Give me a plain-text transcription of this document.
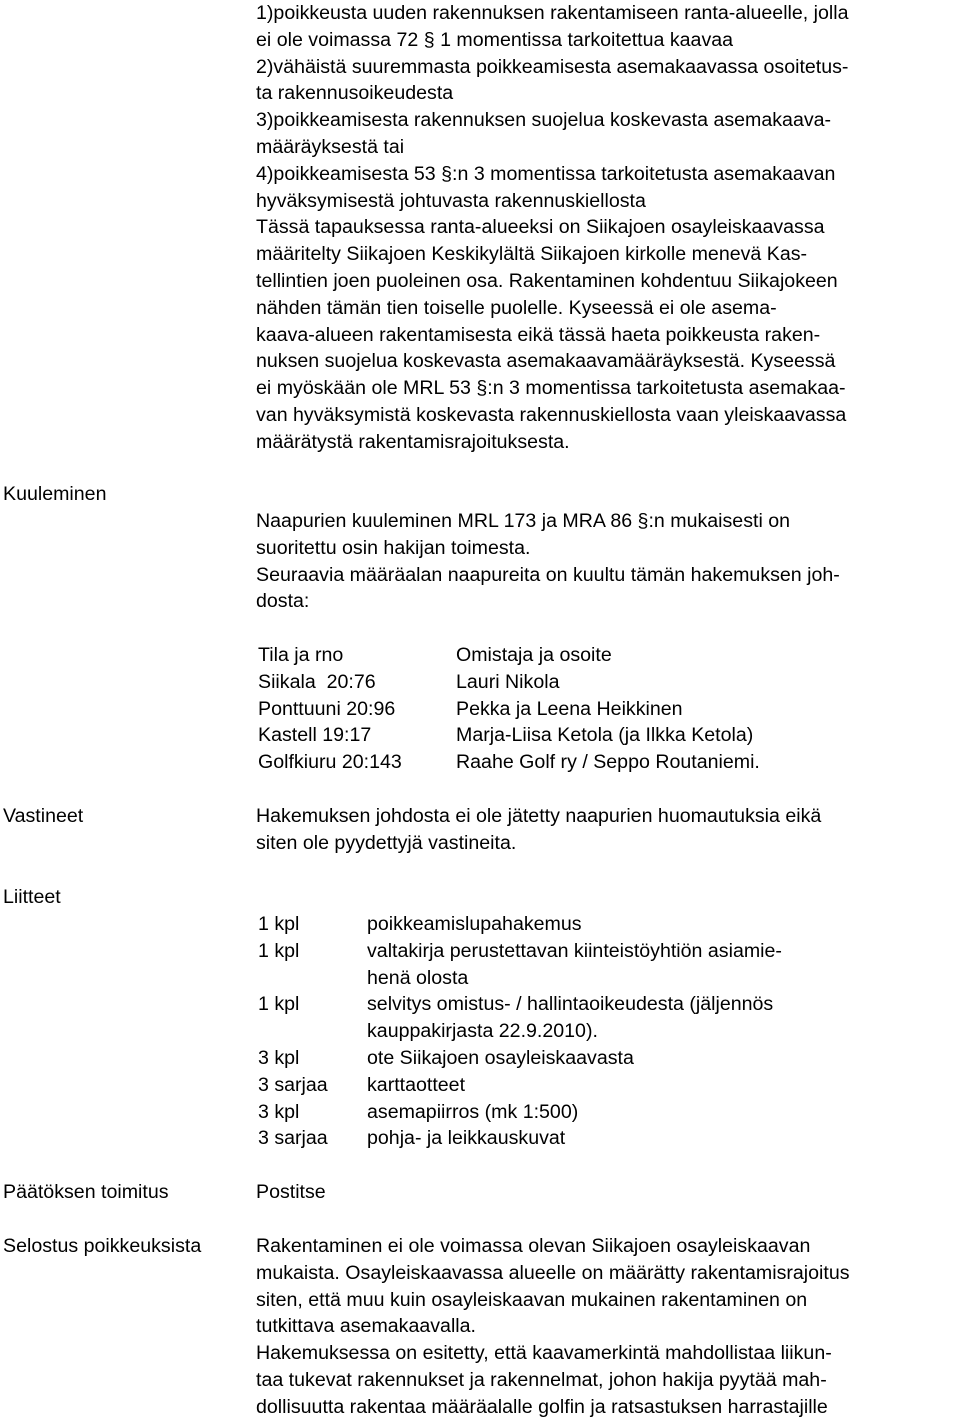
1)poikkeusta uuden rakennuksen rakentamiseen ranta-alueelle, jolla

ei ole voimassa 72 § 1 momentissa tarkoitettua kaavaa

2)vähäistä suuremmasta poikkeamisesta asemakaavassa osoitetus-

ta rakennusoikeudesta

3)poikkeamisesta rakennuksen suojelua koskevasta asemakaava-

määräyksestä tai

4)poikkeamisesta 53 §:n 3 momentissa tarkoitetusta asemakaavan

hyväksymisestä johtuvasta rakennuskiellosta

Tässä tapauksessa ranta-alueeksi on Siikajoen osayleiskaavassa

määritelty Siikajoen Keskikylältä Siikajoen kirkolle menevä Kas-

tellintien joen puoleinen osa. Rakentaminen kohdentuu Siikajokeen

nähden tämän tien toiselle puolelle. Kyseessä ei ole asema-

kaava-alueen rakentamisesta eikä tässä haeta poikkeusta raken-

nuksen suojelua koskevasta asemakaavamääräyksestä. Kyseessä

ei myöskään ole MRL 53 §:n 3 momentissa tarkoitetusta asemakaa-

van hyväksymistä koskevasta rakennuskiellosta vaan yleiskaavassa

määrätystä rakentamisrajoituksesta.

Kuuleminen

Naapurien kuuleminen MRL 173 ja MRA 86 §:n mukaisesti on

suoritettu osin hakijan toimesta.

Seuraavia määräalan naapureita on kuultu tämän hakemuksen joh-

dosta:

Tila ja rno	Omistaja ja osoite
Siikala  20:76	Lauri Nikola
Ponttuuni 20:96	Pekka ja Leena Heikkinen
Kastell 19:17	Marja-Liisa Ketola (ja Ilkka Ketola)
Golfkiuru 20:143	Raahe Golf ry / Seppo Routaniemi.
Vastineet	Hakemuksen johdosta ei ole jätetty naapurien huomautuksia eikä

siten ole pyydettyjä vastineita.

Liitteet
1 kpl	poikkeamislupahakemus
1 kpl	valtakirja perustettavan kiinteistöyhtiön asiamie-
henä olosta
1 kpl	selvitys omistus- / hallintaoikeudesta (jäljennös
kauppakirjasta 22.9.2010).
3 kpl	ote Siikajoen osayleiskaavasta
3 sarjaa	karttaotteet
3 kpl	asemapiirros (mk 1:500)
3 sarjaa	pohja- ja leikkauskuvat
Päätöksen toimitus	Postitse

Selostus poikkeuksista	Rakentaminen ei ole voimassa olevan Siikajoen osayleiskaavan

mukaista. Osayleiskaavassa alueelle on määrätty rakentamisrajoitus

siten, että muu kuin osayleiskaavan mukainen rakentaminen on

tutkittava asemakaavalla.

Hakemuksessa on esitetty, että kaavamerkintä mahdollistaa liikun-

taa tukevat rakennukset ja rakennelmat, johon hakija pyytää mah-

dollisuutta rakentaa määräalalle golfin ja ratsastuksen harrastajille
